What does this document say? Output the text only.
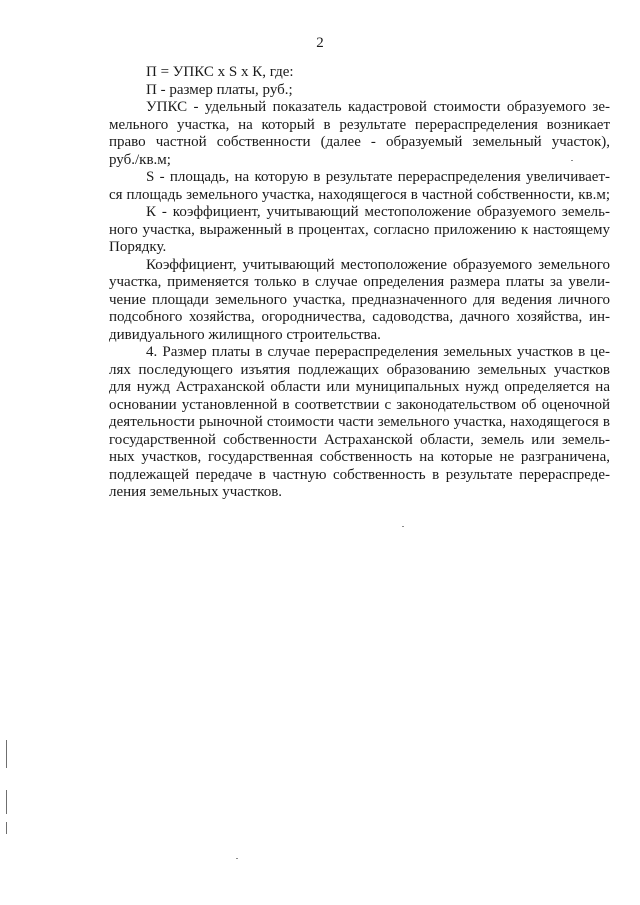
2
П = УПКС х S х К, где:
П - размер платы, руб.;
УПКС - удельный показатель кадастровой стоимости образуемого зе-
мельного участка, на который в результате перераспределения возникает
право частной собственности (далее - образуемый земельный участок),
руб./кв.м;
S - площадь, на которую в результате перераспределения увеличивает-
ся площадь земельного участка, находящегося в частной собственности, кв.м;
К - коэффициент, учитывающий местоположение образуемого земель-
ного участка, выраженный в процентах, согласно приложению к настоящему
Порядку.
Коэффициент, учитывающий местоположение образуемого земельного
участка, применяется только в случае определения размера платы за увели-
чение площади земельного участка, предназначенного для ведения личного
подсобного хозяйства, огородничества, садоводства, дачного хозяйства, ин-
дивидуального жилищного строительства.
4. Размер платы в случае перераспределения земельных участков в це-
лях последующего изъятия подлежащих образованию земельных участков
для нужд Астраханской области или муниципальных нужд определяется на
основании установленной в соответствии с законодательством об оценочной
деятельности рыночной стоимости части земельного участка, находящегося в
государственной собственности Астраханской области, земель или земель-
ных участков, государственная собственность на которые не разграничена,
подлежащей передаче в частную собственность в результате перераспреде-
ления земельных участков.
